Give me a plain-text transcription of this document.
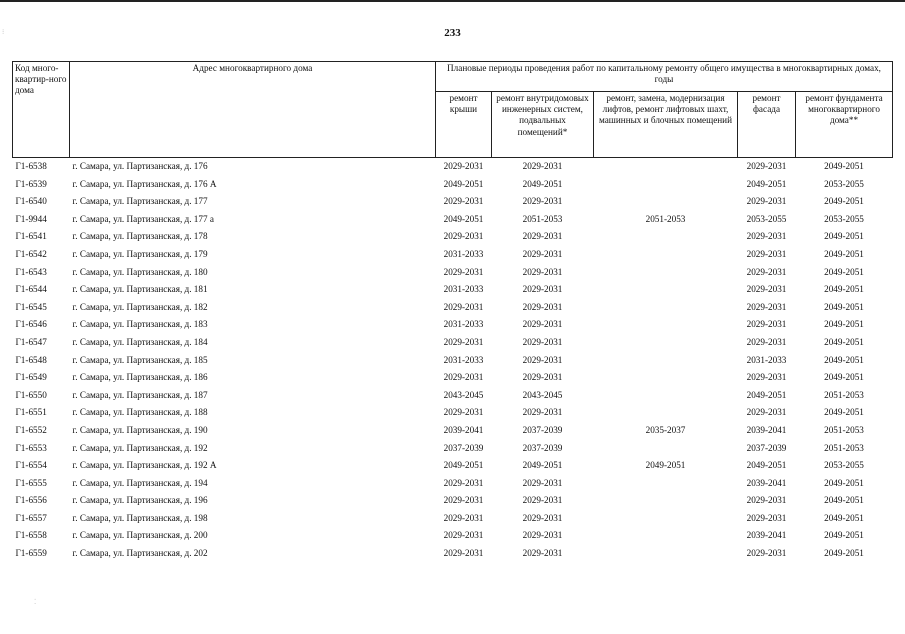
⁝
⁚
233
Код много-квартир-ного дома	Адрес многоквартирного дома	Плановые периоды проведения работ по капитальному ремонту общего имущества в многоквартирных домах, годы				
		ремонт крыши	ремонт внутридомовых инженерных систем, подвальных помещений*	ремонт, замена, модернизация лифтов, ремонт лифтовых шахт, машинных и блочных помещений	ремонт фасада	ремонт фундамента многоквартирного дома**
Г1-6538	г. Самара, ул. Партизанская, д. 176	2029-2031	2029-2031		2029-2031	2049-2051
Г1-6539	г. Самара, ул. Партизанская, д. 176 А	2049-2051	2049-2051		2049-2051	2053-2055
Г1-6540	г. Самара, ул. Партизанская, д. 177	2029-2031	2029-2031		2029-2031	2049-2051
Г1-9944	г. Самара, ул. Партизанская, д. 177 а	2049-2051	2051-2053	2051-2053	2053-2055	2053-2055
Г1-6541	г. Самара, ул. Партизанская, д. 178	2029-2031	2029-2031		2029-2031	2049-2051
Г1-6542	г. Самара, ул. Партизанская, д. 179	2031-2033	2029-2031		2029-2031	2049-2051
Г1-6543	г. Самара, ул. Партизанская, д. 180	2029-2031	2029-2031		2029-2031	2049-2051
Г1-6544	г. Самара, ул. Партизанская, д. 181	2031-2033	2029-2031		2029-2031	2049-2051
Г1-6545	г. Самара, ул. Партизанская, д. 182	2029-2031	2029-2031		2029-2031	2049-2051
Г1-6546	г. Самара, ул. Партизанская, д. 183	2031-2033	2029-2031		2029-2031	2049-2051
Г1-6547	г. Самара, ул. Партизанская, д. 184	2029-2031	2029-2031		2029-2031	2049-2051
Г1-6548	г. Самара, ул. Партизанская, д. 185	2031-2033	2029-2031		2031-2033	2049-2051
Г1-6549	г. Самара, ул. Партизанская, д. 186	2029-2031	2029-2031		2029-2031	2049-2051
Г1-6550	г. Самара, ул. Партизанская, д. 187	2043-2045	2043-2045		2049-2051	2051-2053
Г1-6551	г. Самара, ул. Партизанская, д. 188	2029-2031	2029-2031		2029-2031	2049-2051
Г1-6552	г. Самара, ул. Партизанская, д. 190	2039-2041	2037-2039	2035-2037	2039-2041	2051-2053
Г1-6553	г. Самара, ул. Партизанская, д. 192	2037-2039	2037-2039		2037-2039	2051-2053
Г1-6554	г. Самара, ул. Партизанская, д. 192 А	2049-2051	2049-2051	2049-2051	2049-2051	2053-2055
Г1-6555	г. Самара, ул. Партизанская, д. 194	2029-2031	2029-2031		2039-2041	2049-2051
Г1-6556	г. Самара, ул. Партизанская, д. 196	2029-2031	2029-2031		2029-2031	2049-2051
Г1-6557	г. Самара, ул. Партизанская, д. 198	2029-2031	2029-2031		2029-2031	2049-2051
Г1-6558	г. Самара, ул. Партизанская, д. 200	2029-2031	2029-2031		2039-2041	2049-2051
Г1-6559	г. Самара, ул. Партизанская, д. 202	2029-2031	2029-2031		2029-2031	2049-2051
